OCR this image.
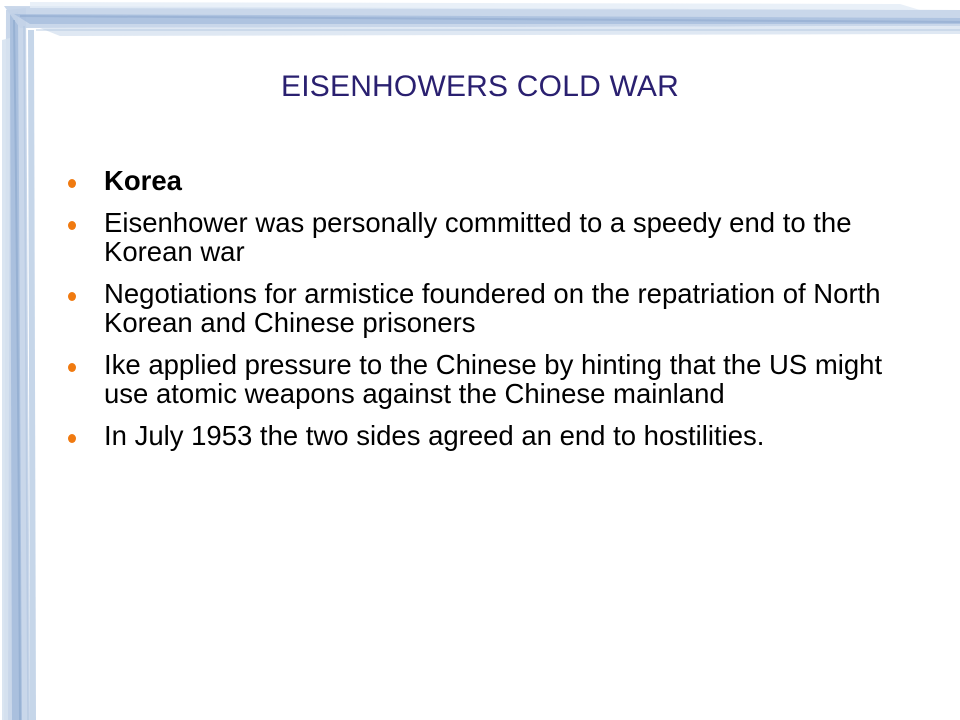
EISENHOWERS COLD WAR
Korea
Eisenhower was personally committed to a speedy end to the Korean war
Negotiations for armistice foundered on the repatriation of North Korean and Chinese prisoners
Ike applied pressure to the Chinese by hinting that the US might use atomic weapons against the Chinese mainland
In July 1953 the two sides agreed an end to hostilities.
